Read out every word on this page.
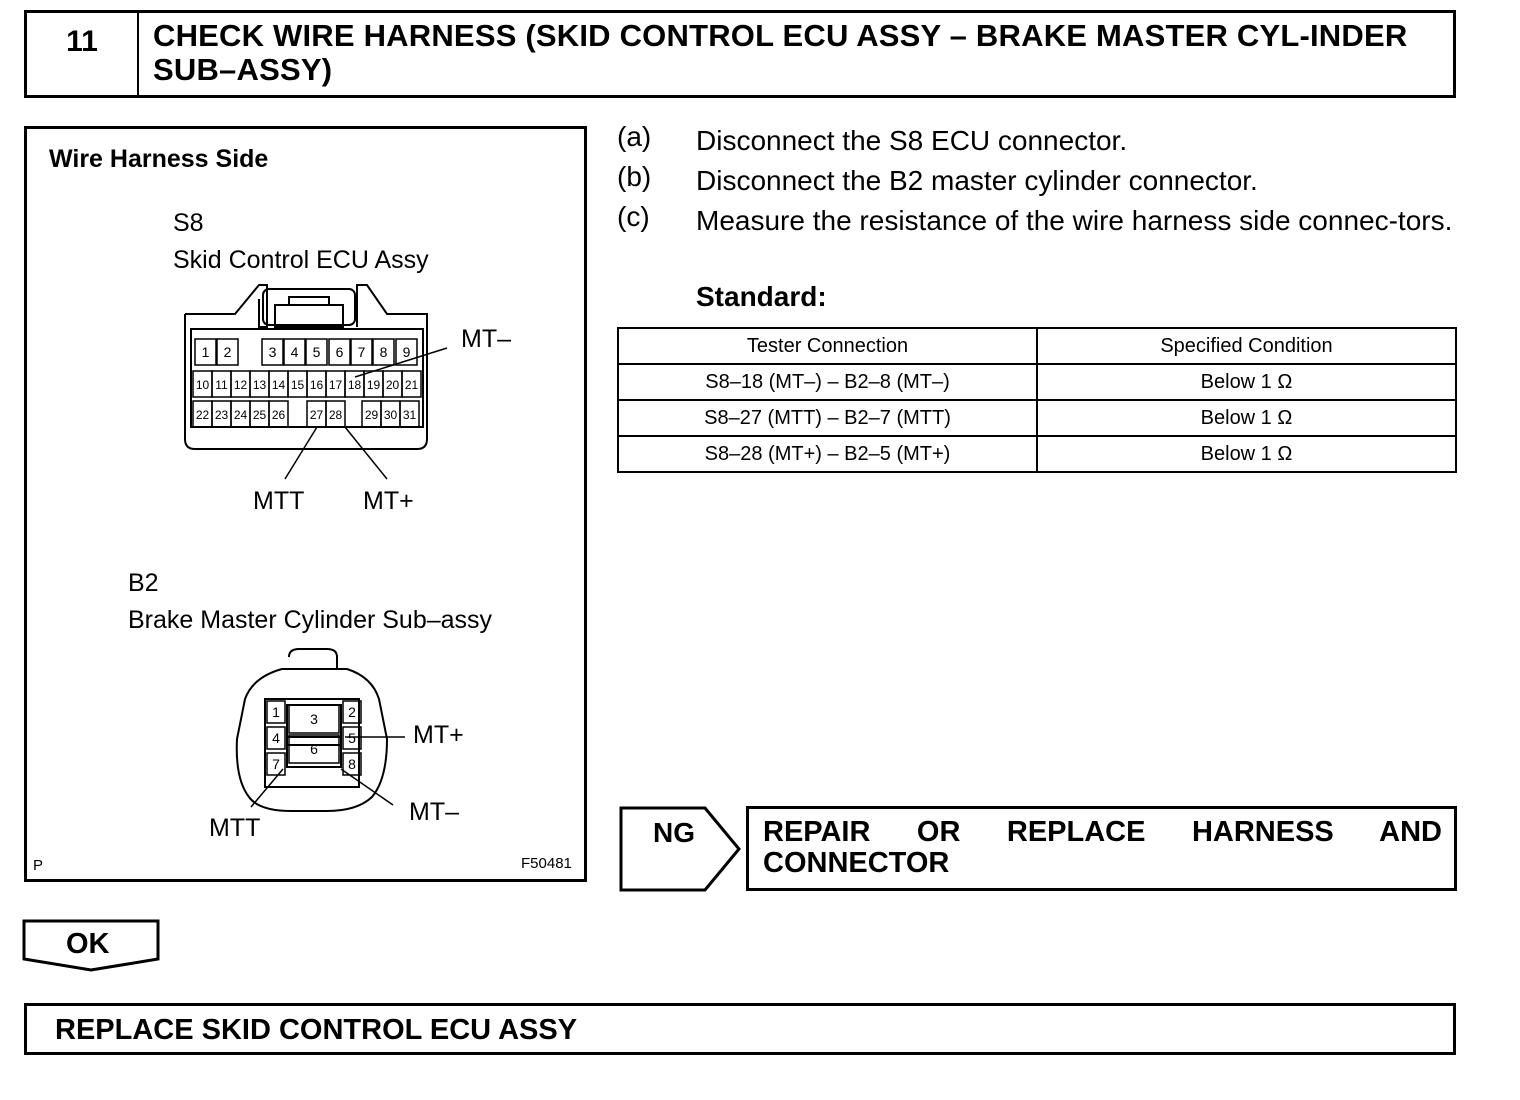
11	CHECK WIRE HARNESS (SKID CONTROL ECU ASSY – BRAKE MASTER CYL-INDER SUB–ASSY)
Wire Harness Side
S8
Skid Control ECU Assy
1 2	3 4 5 6 7 8 9
10 11 12 13 14 15 16 17 18 19 20 21
22 23 24 25 26 27 28 29 30 31
1	2
3
4	5
6
7	8
MT–
MTT MT+
B2
Brake Master Cylinder Sub–assy
MT+
MTT
MT–
P	F50481
(a) Disconnect the S8 ECU connector.
(b) Disconnect the B2 master cylinder connector.
(c) Measure the resistance of the wire harness side connec-tors.
Standard:
Tester Connection	Specified Condition
S8–18 (MT–) – B2–8 (MT–)	Below 1 Ω
S8–27 (MTT) – B2–7 (MTT)	Below 1 Ω
S8–28 (MT+) – B2–5 (MT+)	Below 1 Ω
NG REPAIR OR REPLACE HARNESS AND CONNECTOR
OK
REPLACE SKID CONTROL ECU ASSY
